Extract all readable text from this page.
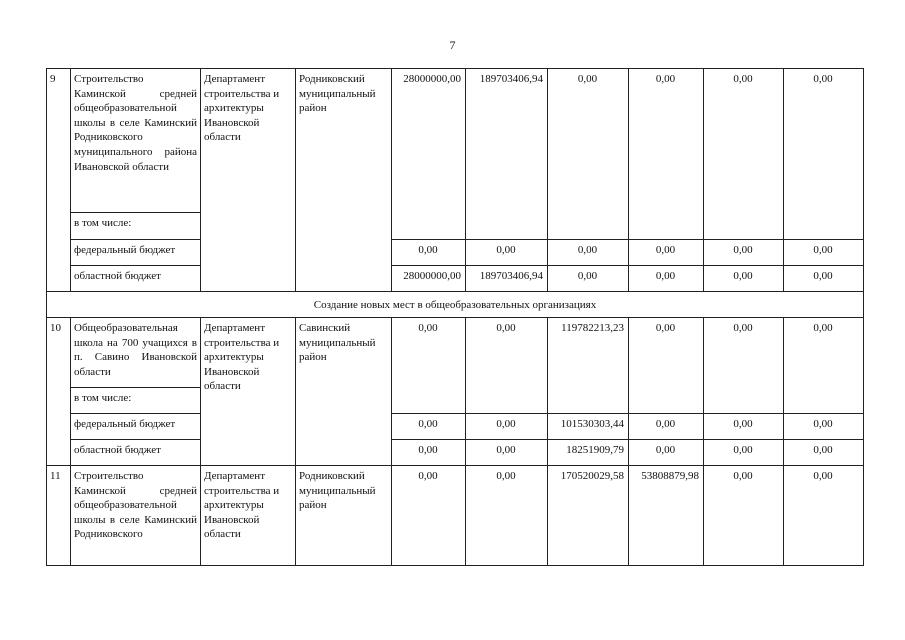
7
9	Строительство Каминской средней общеобразовательной школы в селе Каминский Родниковского муниципального района Ивановской области	Департамент строительства и архитектуры Ивановской области	Родниковский муниципальный район	28000000,00	189703406,94	0,00	0,00	0,00	0,00
	в том числе:								
	федеральный бюджет			0,00	0,00	0,00	0,00	0,00	0,00
	областной бюджет			28000000,00	189703406,94	0,00	0,00	0,00	0,00
Создание новых мест в общеобразовательных организациях									
10	Общеобразовательная школа на 700 учащихся в п. Савино Ивановской области	Департамент строительства и архитектуры Ивановской области	Савинский муниципальный район	0,00	0,00	119782213,23	0,00	0,00	0,00
	в том числе:								
	федеральный бюджет			0,00	0,00	101530303,44	0,00	0,00	0,00
	областной бюджет			0,00	0,00	18251909,79	0,00	0,00	0,00
11	Строительство Каминской средней общеобразовательной школы в селе Каминский Родниковского	Департамент строительства и архитектуры Ивановской области	Родниковский муниципальный район	0,00	0,00	170520029,58	53808879,98	0,00	0,00
